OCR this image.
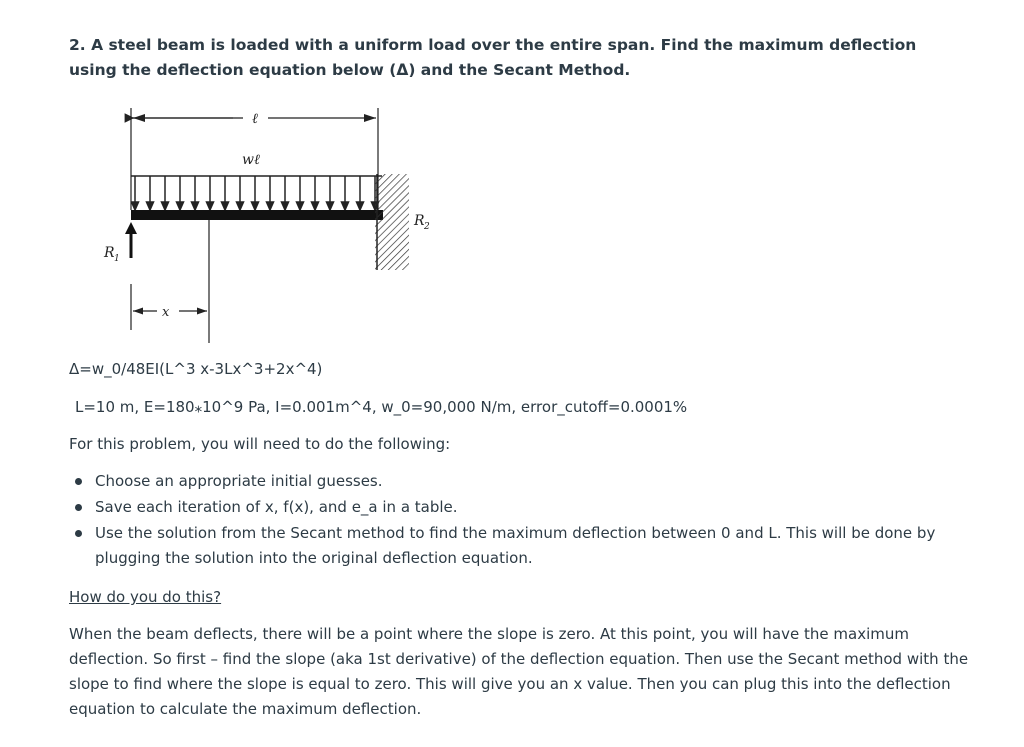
2. A steel beam is loaded with a uniform load over the entire span. Find the maximum deflection using the deflection equation below (Δ) and the Secant Method.
ℓ
wℓ
R 2
R 1
x
Δ=w_0/48EI(L^3 x-3Lx^3+2x^4)
L=10 m, E=180⁎10^9 Pa, I=0.001m^4, w_0=90,000 N/m, error_cutoff=0.0001%
For this problem, you will need to do the following:
Choose an appropriate initial guesses.
Save each iteration of x, f(x), and e_a in a table.
Use the solution from the Secant method to find the maximum deflection between 0 and L. This will be done by plugging the solution into the original deflection equation.
How do you do this?
When the beam deflects, there will be a point where the slope is zero. At this point, you will have the maximum deflection. So first – find the slope (aka 1st derivative) of the deflection equation. Then use the Secant method with the slope to find where the slope is equal to zero. This will give you an x value. Then you can plug this into the deflection equation to calculate the maximum deflection.
